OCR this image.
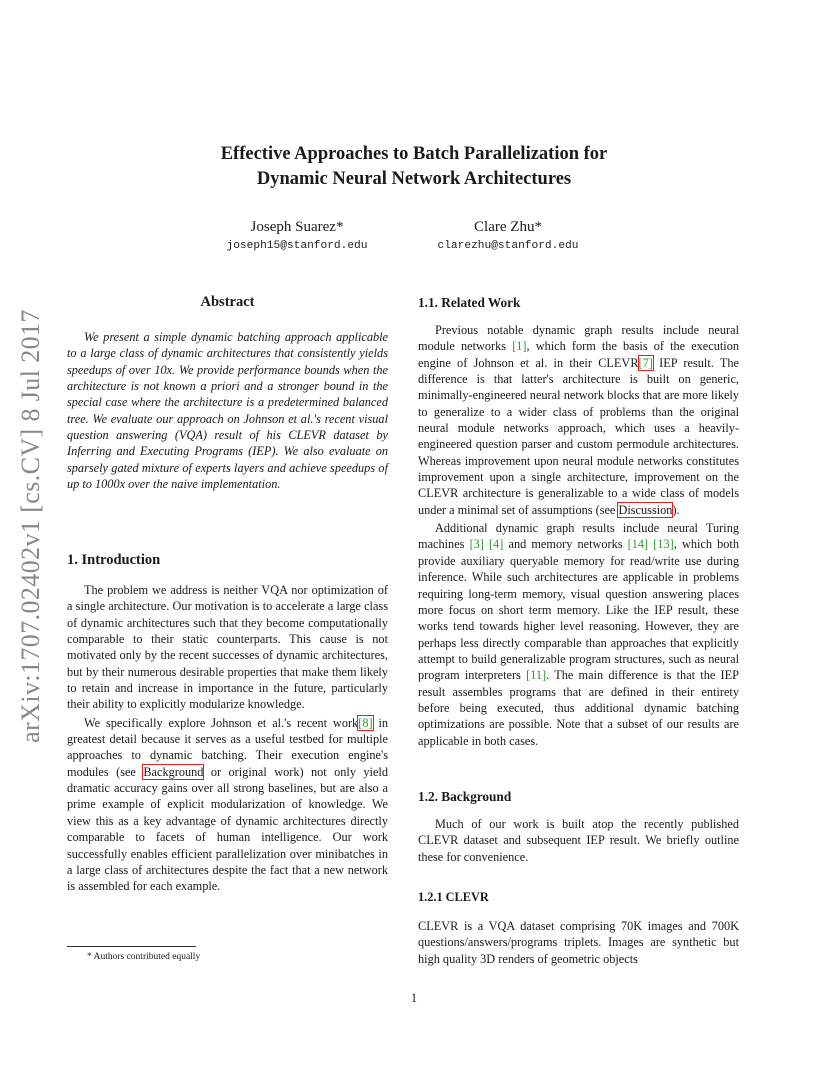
arXiv:1707.02402v1 [cs.CV] 8 Jul 2017
Effective Approaches to Batch Parallelization for
Dynamic Neural Network Architectures
Joseph Suarez*
joseph15@stanford.edu
Clare Zhu*
clarezhu@stanford.edu
Abstract

We present a simple dynamic batching approach applicable to a large class of dynamic architectures that consistently yields speedups of over 10x. We provide performance bounds when the architecture is not known a priori and a stronger bound in the special case where the architecture is a predetermined balanced tree. We evaluate our approach on Johnson et al.'s recent visual question answering (VQA) result of his CLEVR dataset by Inferring and Executing Programs (IEP). We also evaluate on sparsely gated mixture of experts layers and achieve speedups of up to 1000x over the naive implementation.

1. Introduction

The problem we address is neither VQA nor optimization of a single architecture. Our motivation is to accelerate a large class of dynamic architectures such that they become computationally comparable to their static counterparts. This cause is not motivated only by the recent successes of dynamic architectures, but by their numerous desirable properties that make them likely to retain and increase in importance in the future, particularly their ability to explicitly modularize knowledge.

We specifically explore Johnson et al.'s recent work[8] in greatest detail because it serves as a useful testbed for multiple approaches to dynamic batching. Their execution engine's modules (see Background or original work) not only yield dramatic accuracy gains over all strong baselines, but are also a prime example of explicit modularization of knowledge. We view this as a key advantage of dynamic architectures directly comparable to facets of human intelligence. Our work successfully enables efficient parallelization over minibatches in a large class of architectures despite the fact that a new network is assembled for each example.

* Authors contributed equally
1.1. Related Work

Previous notable dynamic graph results include neural module networks [1], which form the basis of the execution engine of Johnson et al. in their CLEVR[7] IEP result. The difference is that latter's architecture is built on generic, minimally-engineered neural network blocks that are more likely to generalize to a wider class of problems than the original neural module networks approach, which uses a heavily-engineered question parser and custom permodule architectures. Whereas improvement upon neural module networks constitutes improvement upon a single architecture, improvement on the CLEVR architecture is generalizable to a wide class of models under a minimal set of assumptions (see Discussion).

Additional dynamic graph results include neural Turing machines [3] [4] and memory networks [14] [13], which both provide auxiliary queryable memory for read/write use during inference. While such architectures are applicable in problems requiring long-term memory, visual question answering places more focus on short term memory. Like the IEP result, these works tend towards higher level reasoning. However, they are perhaps less directly comparable than approaches that explicitly attempt to build generalizable program structures, such as neural program interpreters [11]. The main difference is that the IEP result assembles programs that are defined in their entirety before being executed, thus additional dynamic batching optimizations are possible. Note that a subset of our results are applicable in both cases.

1.2. Background

Much of our work is built atop the recently published CLEVR dataset and subsequent IEP result. We briefly outline these for convenience.

1.2.1 CLEVR

CLEVR is a VQA dataset comprising 70K images and 700K questions/answers/programs triplets. Images are synthetic but high quality 3D renders of geometric objects

1
